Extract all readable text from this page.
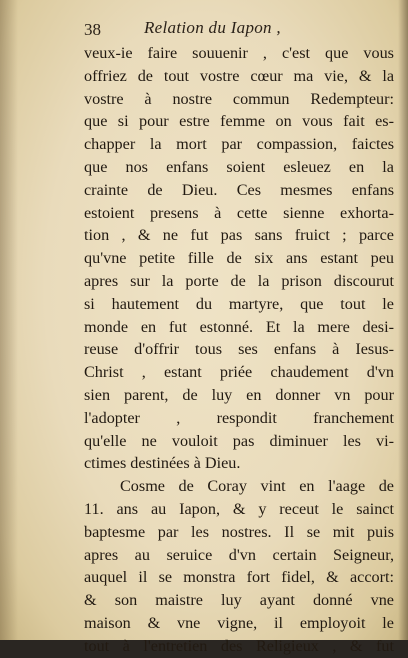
38	Relation du Iapon ,
veux-ie faire souuenir , c'est que vous
offriez de tout vostre cœur ma vie, & la
vostre à nostre commun Redempteur:
que si pour estre femme on vous fait es-
chapper la mort par compassion, faictes
que nos enfans soient esleuez en la
crainte de Dieu. Ces mesmes enfans
estoient presens à cette sienne exhorta-
tion , & ne fut pas sans fruict ; parce
qu'vne petite fille de six ans estant peu
apres sur la porte de la prison discourut
si hautement du martyre, que tout le
monde en fut estonné. Et la mere desi-
reuse d'offrir tous ses enfans à Iesus-
Christ , estant priée chaudement d'vn
sien parent, de luy en donner vn pour
l'adopter , respondit franchement
qu'elle ne vouloit pas diminuer les vi-
ctimes destinées à Dieu.
Cosme de Coray vint en l'aage de
11. ans au Iapon, & y receut le sainct
baptesme par les nostres. Il se mit puis
apres au seruice d'vn certain Seigneur,
auquel il se monstra fort fidel, & accort:
& son maistre luy ayant donné vne
maison & vne vigne, il employoit le
tout à l'entretien des Religieux , & fut
